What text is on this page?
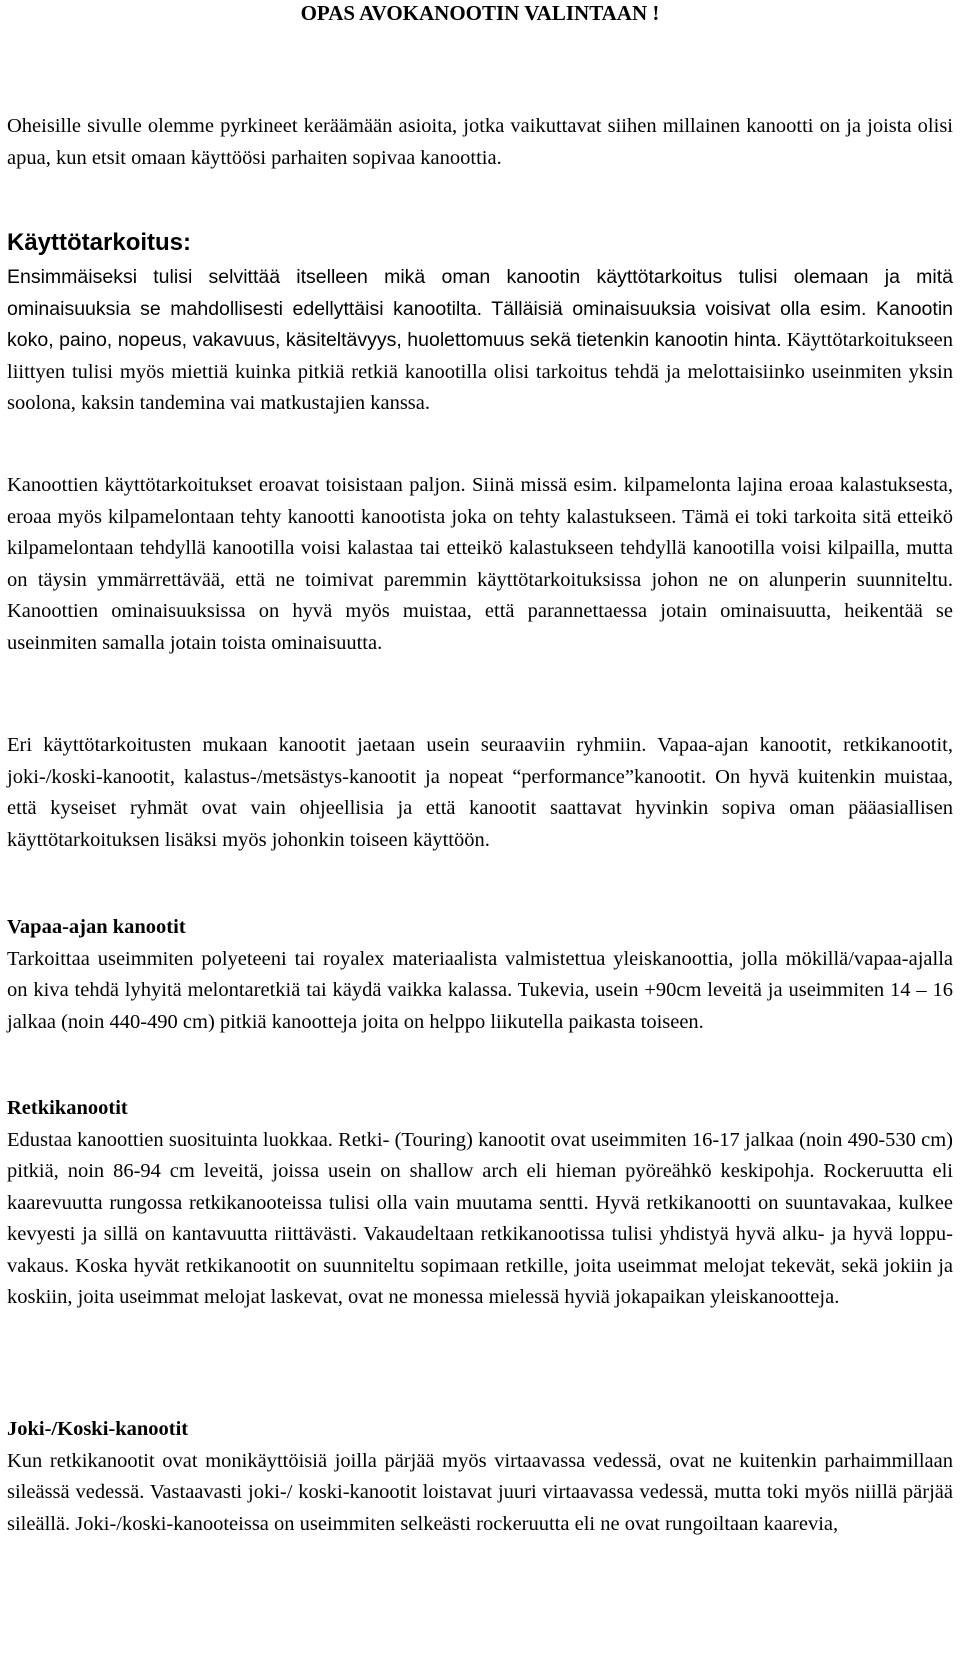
OPAS AVOKANOOTIN VALINTAAN !

Oheisille sivulle olemme pyrkineet keräämään asioita, jotka vaikuttavat siihen millainen kanootti on ja joista olisi apua, kun etsit omaan käyttöösi parhaiten sopivaa kanoottia.

Käyttötarkoitus:
Ensimmäiseksi tulisi selvittää itselleen mikä oman kanootin käyttötarkoitus tulisi olemaan ja mitä ominaisuuksia se mahdollisesti edellyttäisi kanootilta. Tälläisiä ominaisuuksia voisivat olla esim. Kanootin koko, paino, nopeus, vakavuus, käsiteltävyys, huolettomuus sekä tietenkin kanootin hinta. Käyttötarkoitukseen liittyen tulisi myös miettiä kuinka pitkiä retkiä kanootilla olisi tarkoitus tehdä ja melottaisiinko useinmiten yksin soolona, kaksin tandemina vai matkustajien kanssa.

Kanoottien käyttötarkoitukset eroavat toisistaan paljon. Siinä missä esim. kilpamelonta lajina eroaa kalastuksesta, eroaa myös kilpamelontaan tehty kanootti kanootista joka on tehty kalastukseen. Tämä ei toki tarkoita sitä etteikö kilpamelontaan tehdyllä kanootilla voisi kalastaa tai etteikö kalastukseen tehdyllä kanootilla voisi kilpailla, mutta on täysin ymmärrettävää, että ne toimivat paremmin käyttötarkoituksissa johon ne on alunperin suunniteltu. Kanoottien ominaisuuksissa on hyvä myös muistaa, että parannettaessa jotain ominaisuutta, heikentää se useinmiten samalla jotain toista ominaisuutta.

Eri käyttötarkoitusten mukaan kanootit jaetaan usein seuraaviin ryhmiin. Vapaa-ajan kanootit, retkikanootit, joki-/koski-kanootit, kalastus-/metsästys-kanootit ja nopeat “performance”kanootit. On hyvä kuitenkin muistaa, että kyseiset ryhmät ovat vain ohjeellisia ja että kanootit saattavat hyvinkin sopiva oman pääasiallisen käyttötarkoituksen lisäksi myös johonkin toiseen käyttöön.

Vapaa-ajan kanootit
Tarkoittaa useimmiten polyeteeni tai royalex materiaalista valmistettua yleiskanoottia, jolla mökillä/vapaa-ajalla on kiva tehdä lyhyitä melontaretkiä tai käydä vaikka kalassa. Tukevia, usein +90cm leveitä ja useimmiten 14 – 16 jalkaa (noin 440-490 cm) pitkiä kanootteja joita on helppo liikutella paikasta toiseen.
Retkikanootit
Edustaa kanoottien suosituinta luokkaa. Retki- (Touring) kanootit ovat useimmiten 16-17 jalkaa (noin 490-530 cm) pitkiä, noin 86-94 cm leveitä, joissa usein on shallow arch eli hieman pyöreähkö keskipohja. Rockeruutta eli kaarevuutta rungossa retkikanooteissa tulisi olla vain muutama sentti. Hyvä retkikanootti on suuntavakaa, kulkee kevyesti ja sillä on kantavuutta riittävästi. Vakaudeltaan retkikanootissa tulisi yhdistyä hyvä alku- ja hyvä loppu-vakaus. Koska hyvät retkikanootit on suunniteltu sopimaan retkille, joita useimmat melojat tekevät, sekä jokiin ja koskiin, joita useimmat melojat laskevat, ovat ne monessa mielessä hyviä jokapaikan yleiskanootteja.
Joki-/Koski-kanootit
Kun retkikanootit ovat monikäyttöisiä joilla pärjää myös virtaavassa vedessä, ovat ne kuitenkin parhaimmillaan sileässä vedessä. Vastaavasti joki-/ koski-kanootit loistavat juuri virtaavassa vedessä, mutta toki myös niillä pärjää sileällä. Joki-/koski-kanooteissa on useimmiten selkeästi rockeruutta eli ne ovat rungoiltaan kaarevia,
